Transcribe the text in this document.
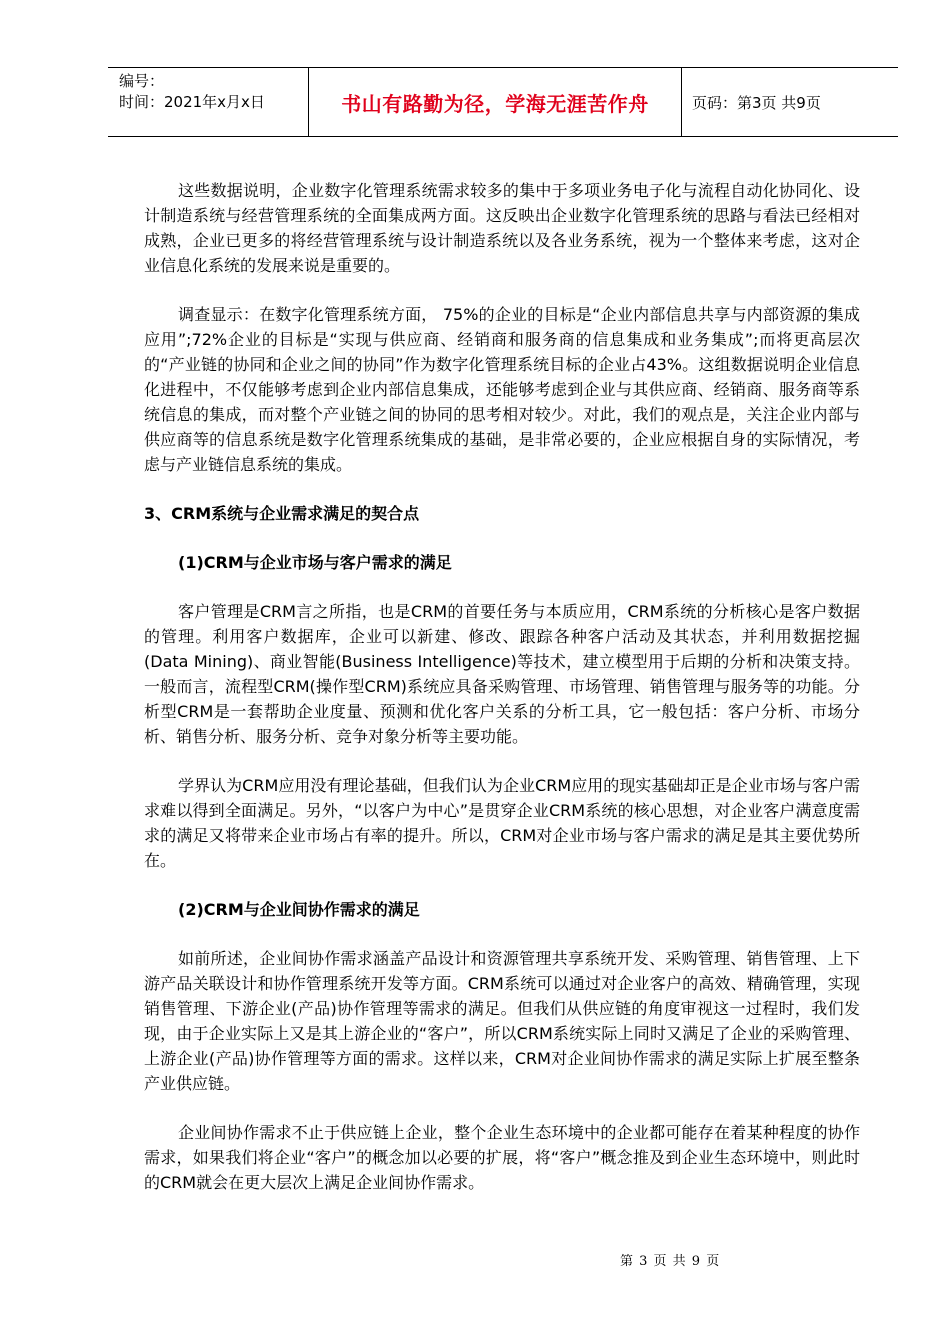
编号：
时间：2021年x月x日	书山有路勤为径，学海无涯苦作舟	页码：第3页 共9页

这些数据说明，企业数字化管理系统需求较多的集中于多项业务电子化与流程自动化协同化、设计制造系统与经营管理系统的全面集成两方面。这反映出企业数字化管理系统的思路与看法已经相对成熟，企业已更多的将经营管理系统与设计制造系统以及各业务系统，视为一个整体来考虑，这对企业信息化系统的发展来说是重要的。

调查显示：在数字化管理系统方面， 75%的企业的目标是“企业内部信息共享与内部资源的集成应用”;72%企业的目标是“实现与供应商、经销商和服务商的信息集成和业务集成”;而将更高层次的“产业链的协同和企业之间的协同”作为数字化管理系统目标的企业占43%。这组数据说明企业信息化进程中，不仅能够考虑到企业内部信息集成，还能够考虑到企业与其供应商、经销商、服务商等系统信息的集成，而对整个产业链之间的协同的思考相对较少。对此，我们的观点是，关注企业内部与供应商等的信息系统是数字化管理系统集成的基础，是非常必要的，企业应根据自身的实际情况，考虑与产业链信息系统的集成。

3、CRM系统与企业需求满足的契合点
(1)CRM与企业市场与客户需求的满足

客户管理是CRM言之所指，也是CRM的首要任务与本质应用，CRM系统的分析核心是客户数据的管理。利用客户数据库，企业可以新建、修改、跟踪各种客户活动及其状态，并利用数据挖掘(Data Mining)、商业智能(Business Intelligence)等技术，建立模型用于后期的分析和决策支持。一般而言，流程型CRM(操作型CRM)系统应具备采购管理、市场管理、销售管理与服务等的功能。分析型CRM是一套帮助企业度量、预测和优化客户关系的分析工具，它一般包括：客户分析、市场分析、销售分析、服务分析、竞争对象分析等主要功能。

学界认为CRM应用没有理论基础，但我们认为企业CRM应用的现实基础却正是企业市场与客户需求难以得到全面满足。另外，“以客户为中心”是贯穿企业CRM系统的核心思想，对企业客户满意度需求的满足又将带来企业市场占有率的提升。所以，CRM对企业市场与客户需求的满足是其主要优势所在。

(2)CRM与企业间协作需求的满足

如前所述，企业间协作需求涵盖产品设计和资源管理共享系统开发、采购管理、销售管理、上下游产品关联设计和协作管理系统开发等方面。CRM系统可以通过对企业客户的高效、精确管理，实现销售管理、下游企业(产品)协作管理等需求的满足。但我们从供应链的角度审视这一过程时，我们发现，由于企业实际上又是其上游企业的“客户”，所以CRM系统实际上同时又满足了企业的采购管理、上游企业(产品)协作管理等方面的需求。这样以来，CRM对企业间协作需求的满足实际上扩展至整条产业供应链。

企业间协作需求不止于供应链上企业，整个企业生态环境中的企业都可能存在着某种程度的协作需求，如果我们将企业“客户”的概念加以必要的扩展，将“客户”概念推及到企业生态环境中，则此时的CRM就会在更大层次上满足企业间协作需求。

第 3 页 共 9 页
